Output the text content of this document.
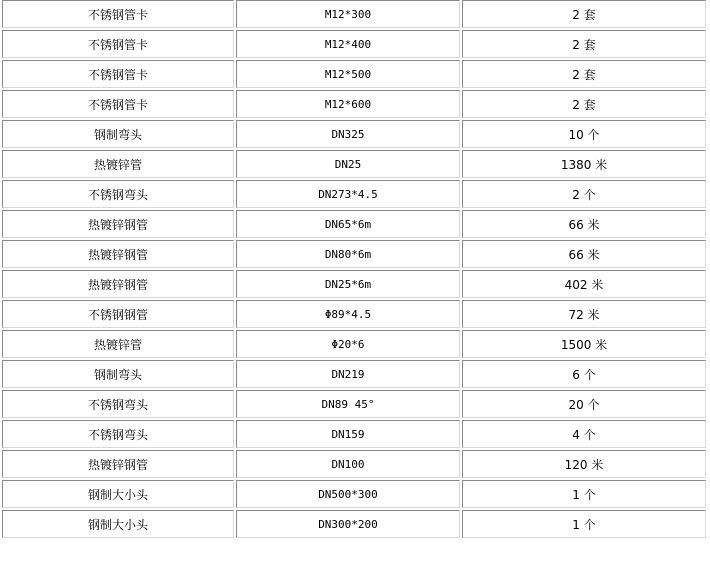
不锈钢管卡	M12*300	2 套
不锈钢管卡	M12*400	2 套
不锈钢管卡	M12*500	2 套
不锈钢管卡	M12*600	2 套
钢制弯头	DN325	10 个
热镀锌管	DN25	1380 米
不锈钢弯头	DN273*4.5	2 个
热镀锌钢管	DN65*6m	66 米
热镀锌钢管	DN80*6m	66 米
热镀锌钢管	DN25*6m	402 米
不锈钢钢管	Φ89*4.5	72 米
热镀锌管	Φ20*6	1500 米
钢制弯头	DN219	6 个
不锈钢弯头	DN89 45°	20 个
不锈钢弯头	DN159	4 个
热镀锌钢管	DN100	120 米
钢制大小头	DN500*300	1 个
钢制大小头	DN300*200	1 个
